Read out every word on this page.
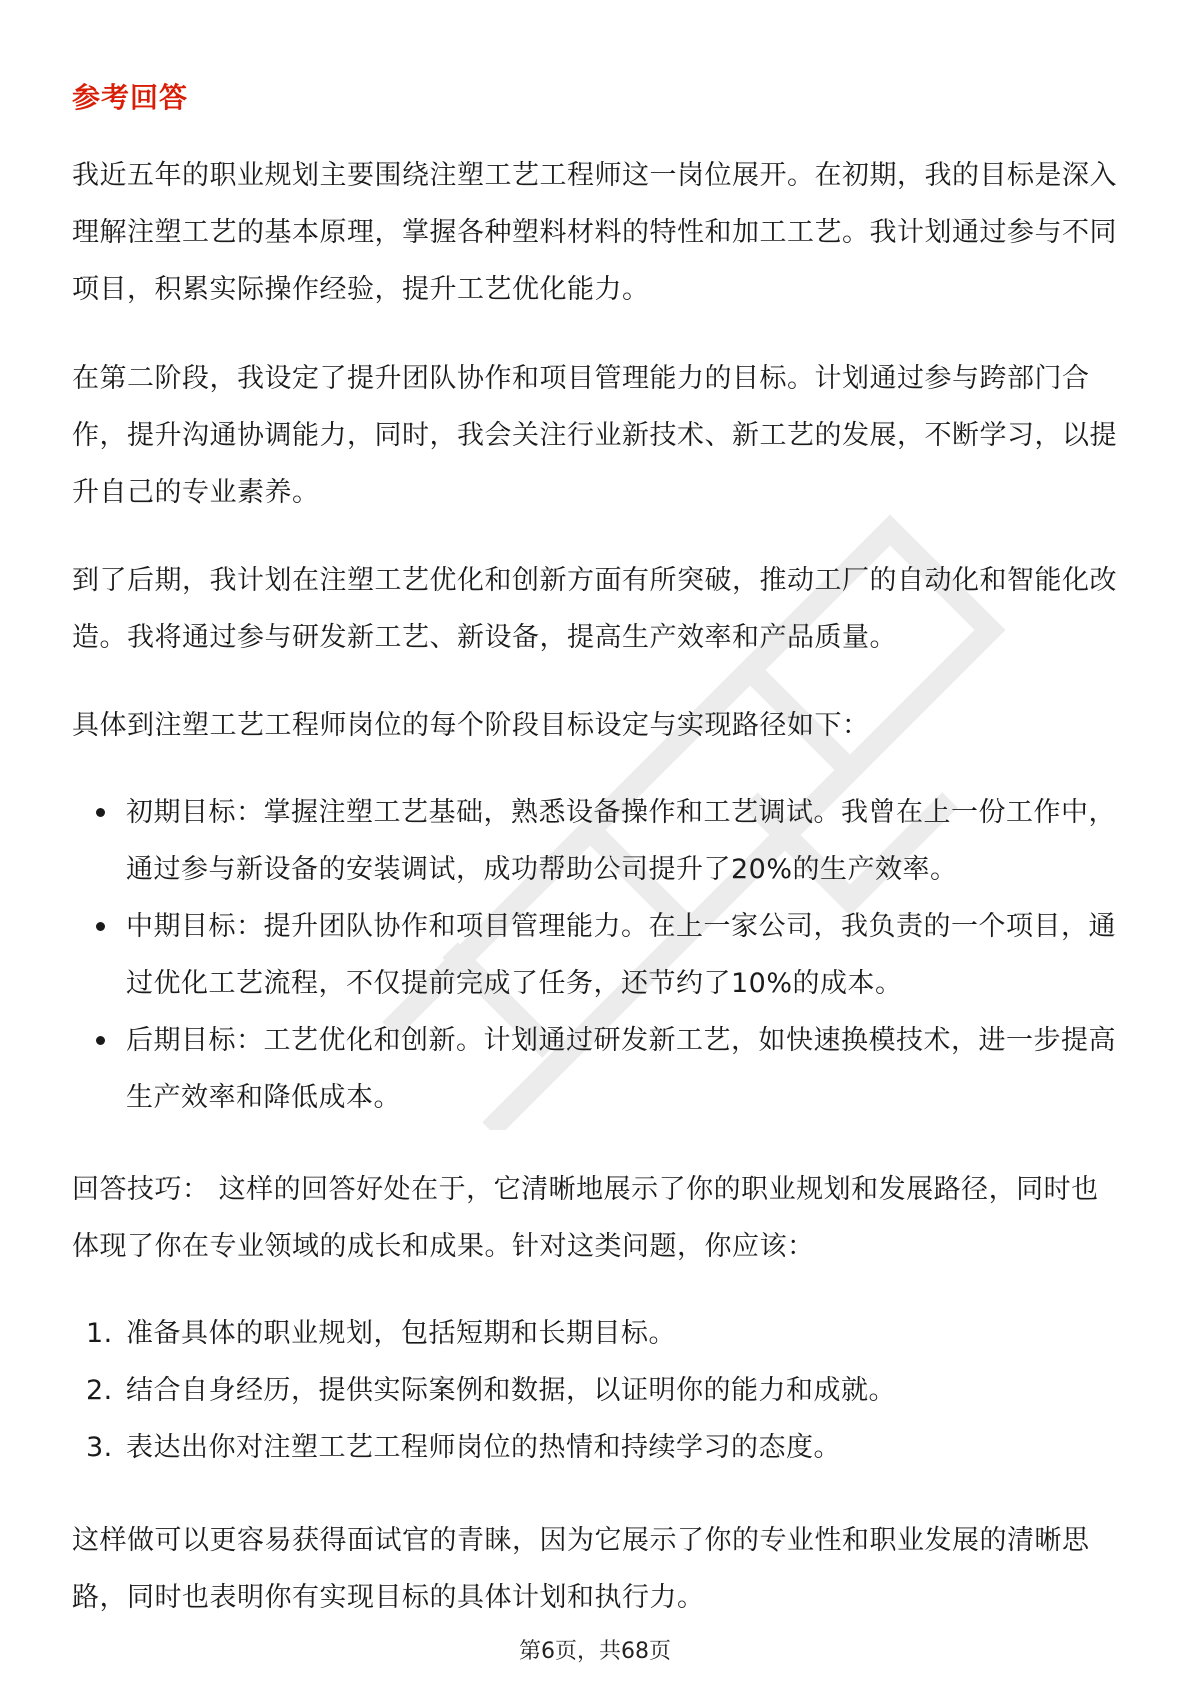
参考回答

我近五年的职业规划主要围绕注塑工艺工程师这一岗位展开。在初期，我的目标是深入理解注塑工艺的基本原理，掌握各种塑料材料的特性和加工工艺。我计划通过参与不同项目，积累实际操作经验，提升工艺优化能力。

在第二阶段，我设定了提升团队协作和项目管理能力的目标。计划通过参与跨部门合作，提升沟通协调能力，同时，我会关注行业新技术、新工艺的发展，不断学习，以提升自己的专业素养。

到了后期，我计划在注塑工艺优化和创新方面有所突破，推动工厂的自动化和智能化改造。我将通过参与研发新工艺、新设备，提高生产效率和产品质量。

具体到注塑工艺工程师岗位的每个阶段目标设定与实现路径如下：

初期目标：掌握注塑工艺基础，熟悉设备操作和工艺调试。我曾在上一份工作中，通过参与新设备的安装调试，成功帮助公司提升了20%的生产效率。
中期目标：提升团队协作和项目管理能力。在上一家公司，我负责的一个项目，通过优化工艺流程，不仅提前完成了任务，还节约了10%的成本。
后期目标：工艺优化和创新。计划通过研发新工艺，如快速换模技术，进一步提高生产效率和降低成本。

回答技巧： 这样的回答好处在于，它清晰地展示了你的职业规划和发展路径，同时也体现了你在专业领域的成长和成果。针对这类问题，你应该：

1. 准备具体的职业规划，包括短期和长期目标。
2. 结合自身经历，提供实际案例和数据，以证明你的能力和成就。
3. 表达出你对注塑工艺工程师岗位的热情和持续学习的态度。

这样做可以更容易获得面试官的青睐，因为它展示了你的专业性和职业发展的清晰思路，同时也表明你有实现目标的具体计划和执行力。

第6页，共68页
